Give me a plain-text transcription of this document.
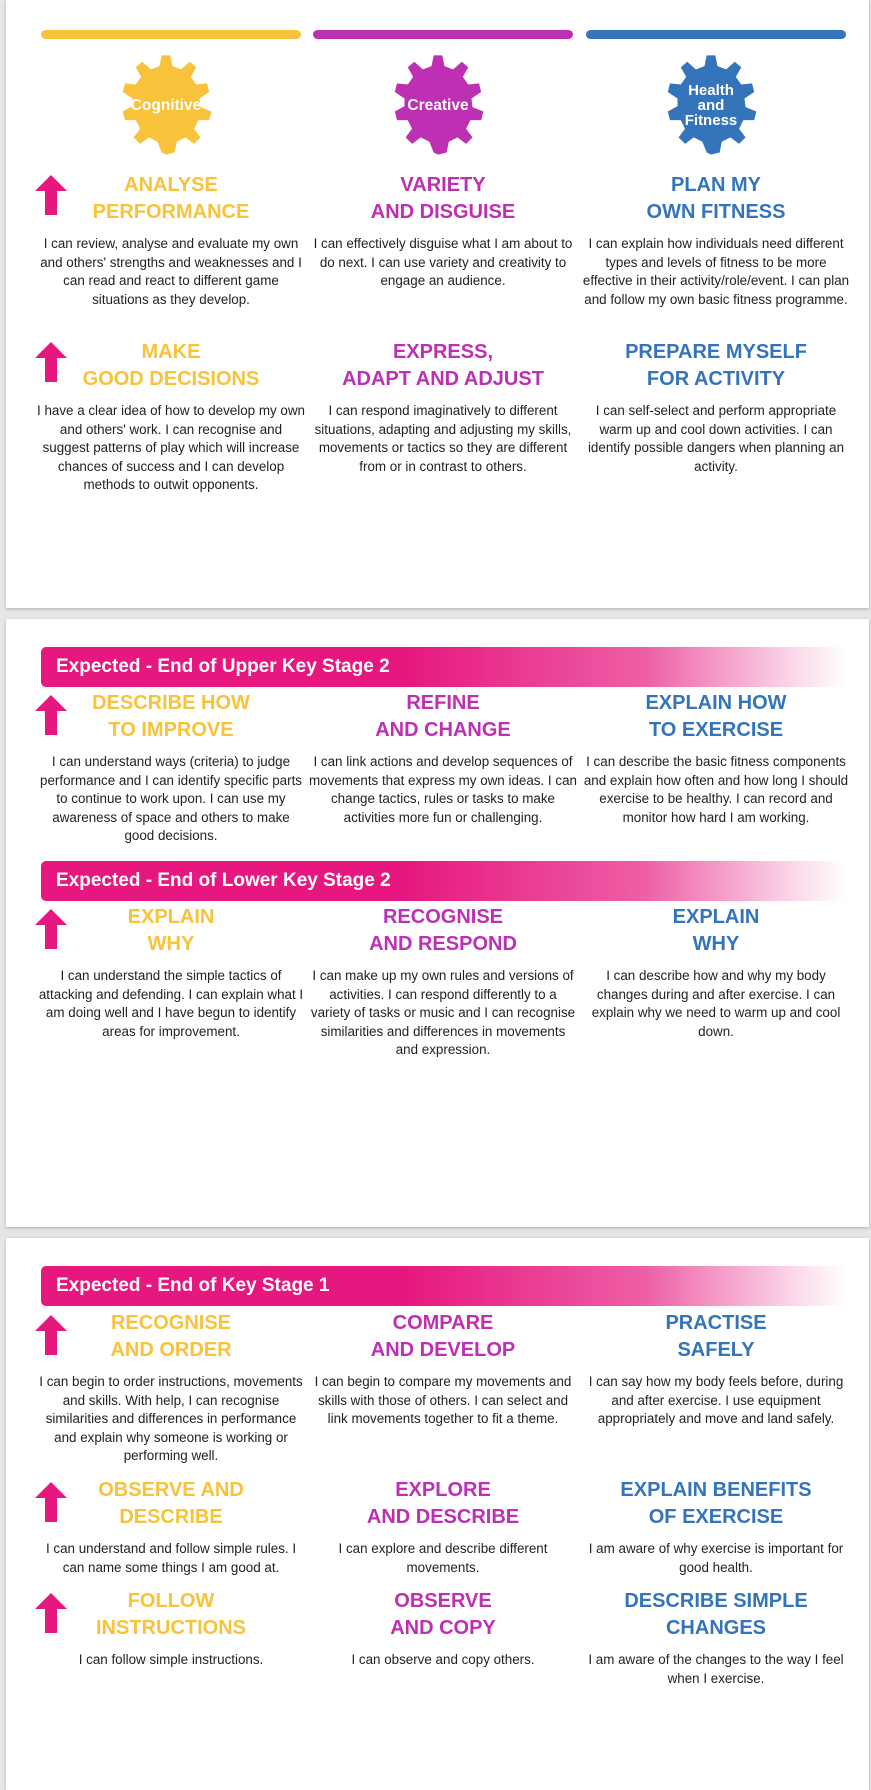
Cognitive	Creative
Health
and
Fitness
ANALYSE
PERFORMANCE
I can review, analyse and evaluate my own and others' strengths and weaknesses and I can read and react to different game situations as they develop.
VARIETY
AND DISGUISE
I can effectively disguise what I am about to do next. I can use variety and creativity to engage an audience.
PLAN MY
OWN FITNESS
I can explain how individuals need different types and levels of fitness to be more effective in their activity/role/event. I can plan and follow my own basic fitness programme.
MAKE
GOOD DECISIONS
I have a clear idea of how to develop my own and others' work. I can recognise and suggest patterns of play which will increase chances of success and I can develop methods to outwit opponents.
EXPRESS,
ADAPT AND ADJUST
I can respond imaginatively to different situations, adapting and adjusting my skills, movements or tactics so they are different from or in contrast to others.
PREPARE MYSELF
FOR ACTIVITY
I can self-select and perform appropriate warm up and cool down activities. I can identify possible dangers when planning an activity.
Expected - End of Upper Key Stage 2
DESCRIBE HOW
TO IMPROVE
I can understand ways (criteria) to judge performance and I can identify specific parts to continue to work upon. I can use my awareness of space and others to make good decisions.
REFINE
AND CHANGE
I can link actions and develop sequences of movements that express my own ideas. I can change tactics, rules or tasks to make activities more fun or challenging.
EXPLAIN HOW
TO EXERCISE
I can describe the basic fitness components and explain how often and how long I should exercise to be healthy. I can record and monitor how hard I am working.
Expected - End of Lower Key Stage 2
EXPLAIN
WHY
I can understand the simple tactics of attacking and defending. I can explain what I am doing well and I have begun to identify areas for improvement.
RECOGNISE
AND RESPOND
I can make up my own rules and versions of activities. I can respond differently to a variety of tasks or music and I can recognise similarities and differences in movements and expression.
EXPLAIN
WHY
I can describe how and why my body changes during and after exercise. I can explain why we need to warm up and cool down.
Expected - End of Key Stage 1
RECOGNISE
AND ORDER
I can begin to order instructions, movements and skills. With help, I can recognise similarities and differences in performance and explain why someone is working or performing well.
COMPARE
AND DEVELOP
I can begin to compare my movements and skills with those of others. I can select and link movements together to fit a theme.
PRACTISE
SAFELY
I can say how my body feels before, during and after exercise. I use equipment appropriately and move and land safely.
OBSERVE AND
DESCRIBE
I can understand and follow simple rules. I can name some things I am good at.
EXPLORE
AND DESCRIBE
I can explore and describe different movements.
EXPLAIN BENEFITS
OF EXERCISE
I am aware of why exercise is important for good health.
FOLLOW
INSTRUCTIONS
I can follow simple instructions.
OBSERVE
AND COPY
I can observe and copy others.
DESCRIBE SIMPLE
CHANGES
I am aware of the changes to the way I feel when I exercise.
